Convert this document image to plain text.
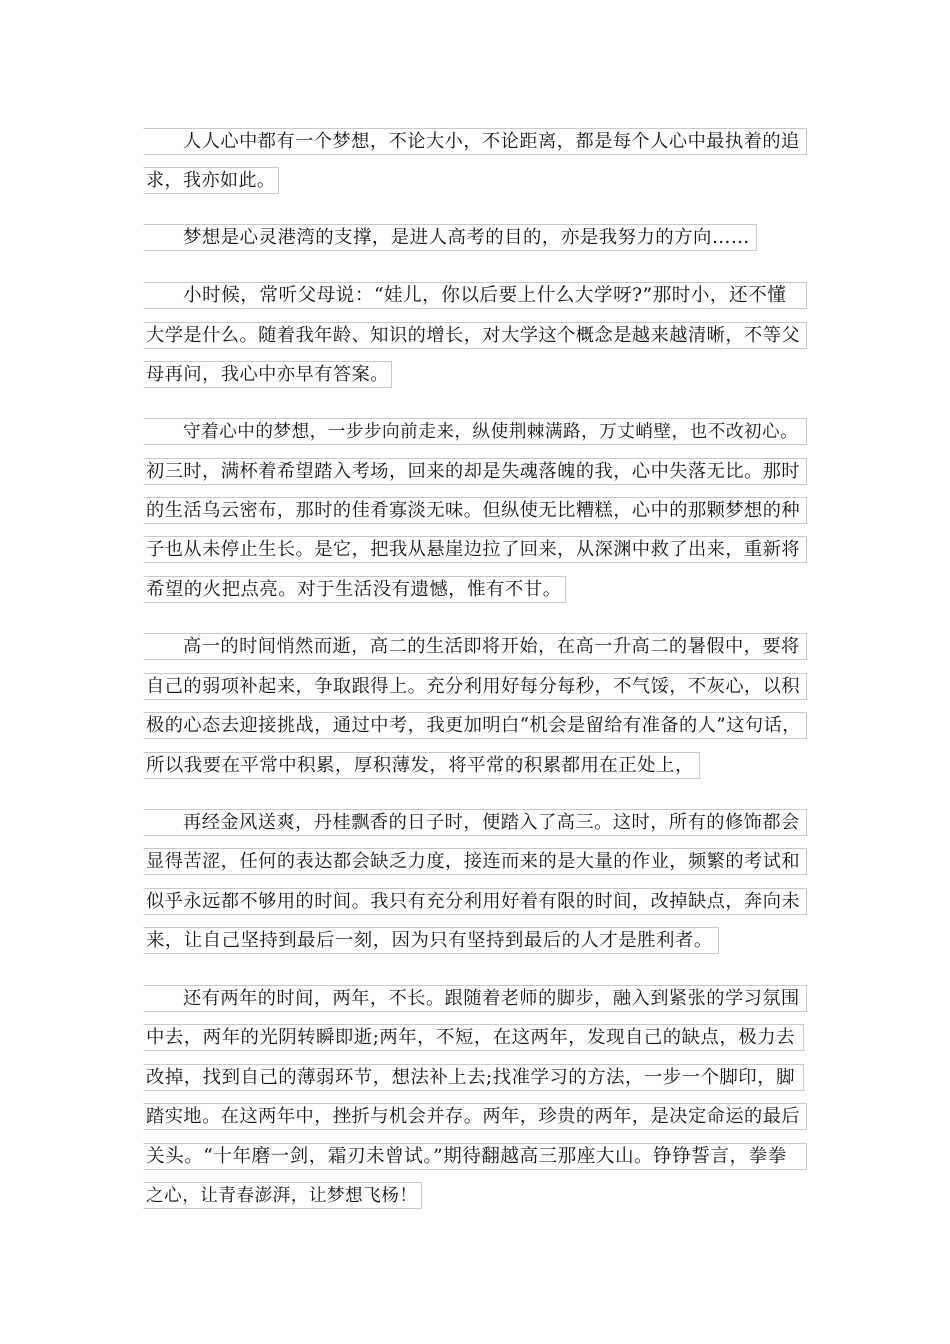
人人心中都有一个梦想，不论大小，不论距离，都是每个人心中最执着的追
求，我亦如此。
梦想是心灵港湾的支撑，是进人高考的目的，亦是我努力的方向……
小时候，常听父母说：“娃儿，你以后要上什么大学呀?”那时小，还不懂
大学是什么。随着我年龄、知识的增长，对大学这个概念是越来越清晰，不等父
母再问，我心中亦早有答案。
守着心中的梦想，一步步向前走来，纵使荆棘满路，万丈峭壁，也不改初心。
初三时，满杯着希望踏入考场，回来的却是失魂落魄的我，心中失落无比。那时
的生活乌云密布，那时的佳肴寡淡无味。但纵使无比糟糕，心中的那颗梦想的种
子也从未停止生长。是它，把我从悬崖边拉了回来，从深渊中救了出来，重新将
希望的火把点亮。对于生活没有遗憾，惟有不甘。
高一的时间悄然而逝，高二的生活即将开始，在高一升高二的暑假中，要将
自己的弱项补起来，争取跟得上。充分利用好每分每秒，不气馁，不灰心，以积
极的心态去迎接挑战，通过中考，我更加明白“机会是留给有准备的人”这句话，
所以我要在平常中积累，厚积薄发，将平常的积累都用在正处上，
再经金风送爽，丹桂飘香的日子时，便踏入了高三。这时，所有的修饰都会
显得苦涩，任何的表达都会缺乏力度，接连而来的是大量的作业，频繁的考试和
似乎永远都不够用的时间。我只有充分利用好着有限的时间，改掉缺点，奔向未
来，让自己坚持到最后一刻，因为只有坚持到最后的人才是胜利者。
还有两年的时间，两年，不长。跟随着老师的脚步，融入到紧张的学习氛围
中去，两年的光阴转瞬即逝;两年，不短，在这两年，发现自己的缺点，极力去
改掉，找到自己的薄弱环节，想法补上去;找准学习的方法，一步一个脚印，脚
踏实地。在这两年中，挫折与机会并存。两年，珍贵的两年，是决定命运的最后
关头。“十年磨一剑，霜刃未曾试。”期待翻越高三那座大山。铮铮誓言，拳拳
之心，让青春澎湃，让梦想飞杨！
